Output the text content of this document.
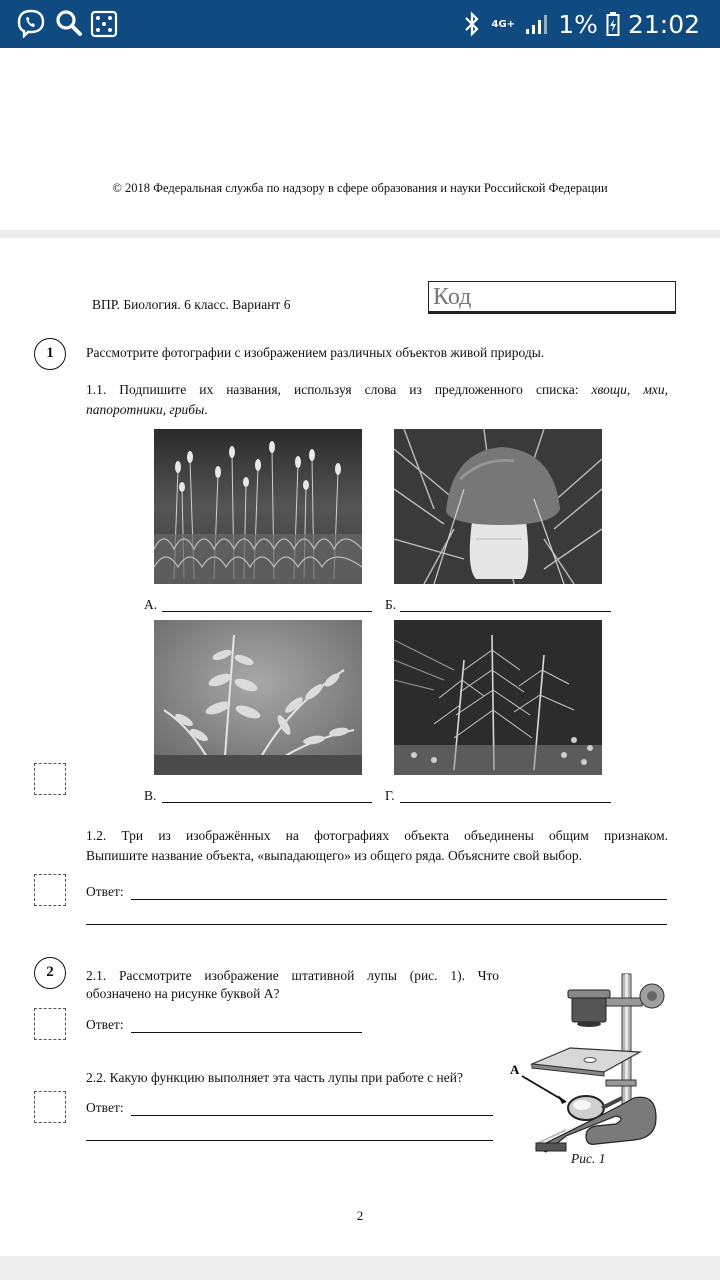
4G+ 1% 21:02
© 2018 Федеральная служба по надзору в сфере образования и науки Российской Федерации
ВПР. Биология. 6 класс. Вариант 6	Код
1	Рассмотрите фотографии с изображением различных объектов живой природы.
1.1. Подпишите их названия, используя слова из предложенного списка: хвощи, мхи,
папоротники, грибы.
А.	Б.
В.	Г.
1.2. Три из изображённых на фотографиях объекта объединены общим признаком.
Выпишите название объекта, «выпадающего» из общего ряда. Объясните свой выбор.
Ответ:
2	2.1. Рассмотрите изображение штативной лупы (рис. 1). Что
обозначено на рисунке буквой А?
Ответ:
2.2. Какую функцию выполняет эта часть лупы при работе с ней?
Ответ:
А
Рис. 1
2
